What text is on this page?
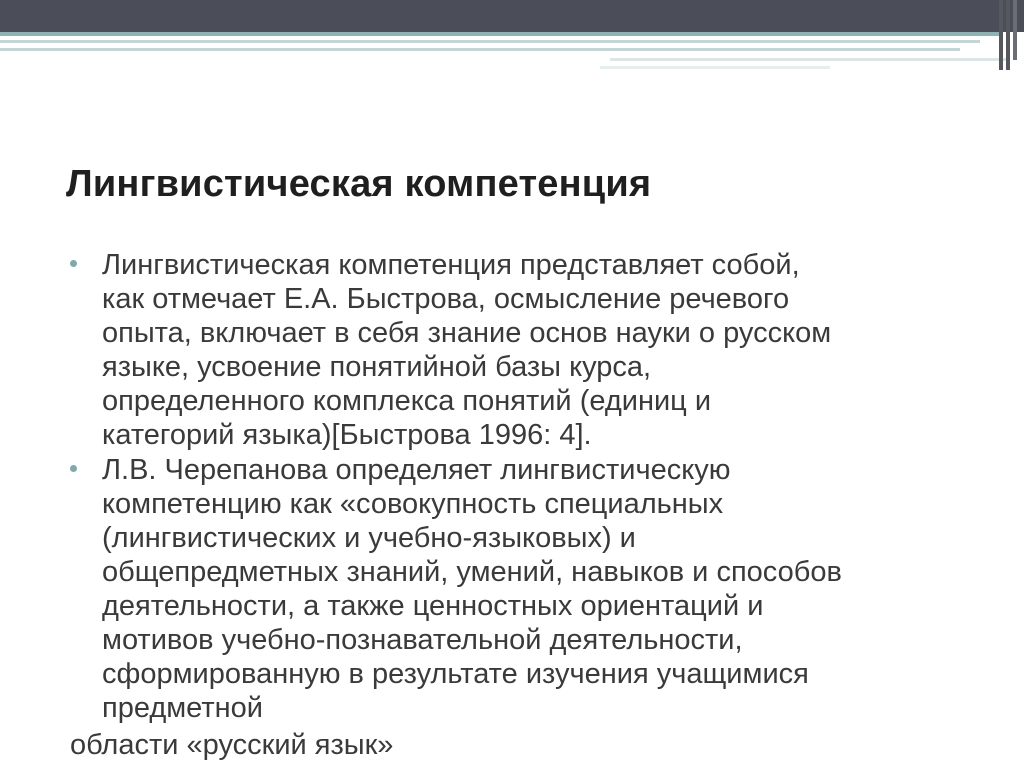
Лингвистическая компетенция
Лингвистическая компетенция представляет собой,
как отмечает Е.А. Быстрова, осмысление речевого
опыта, включает в себя знание основ науки о русском
языке, усвоение понятийной базы курса,
определенного комплекса понятий (единиц и
категорий языка)[Быстрова 1996: 4].
Л.В. Черепанова определяет лингвистическую
компетенцию как «совокупность специальных
(лингвистических и учебно-языковых) и
общепредметных знаний, умений, навыков и способов
деятельности, а также ценностных ориентаций и
мотивов учебно-познавательной деятельности,
сформированную в результате изучения учащимися
предметной
области «русский язык»
